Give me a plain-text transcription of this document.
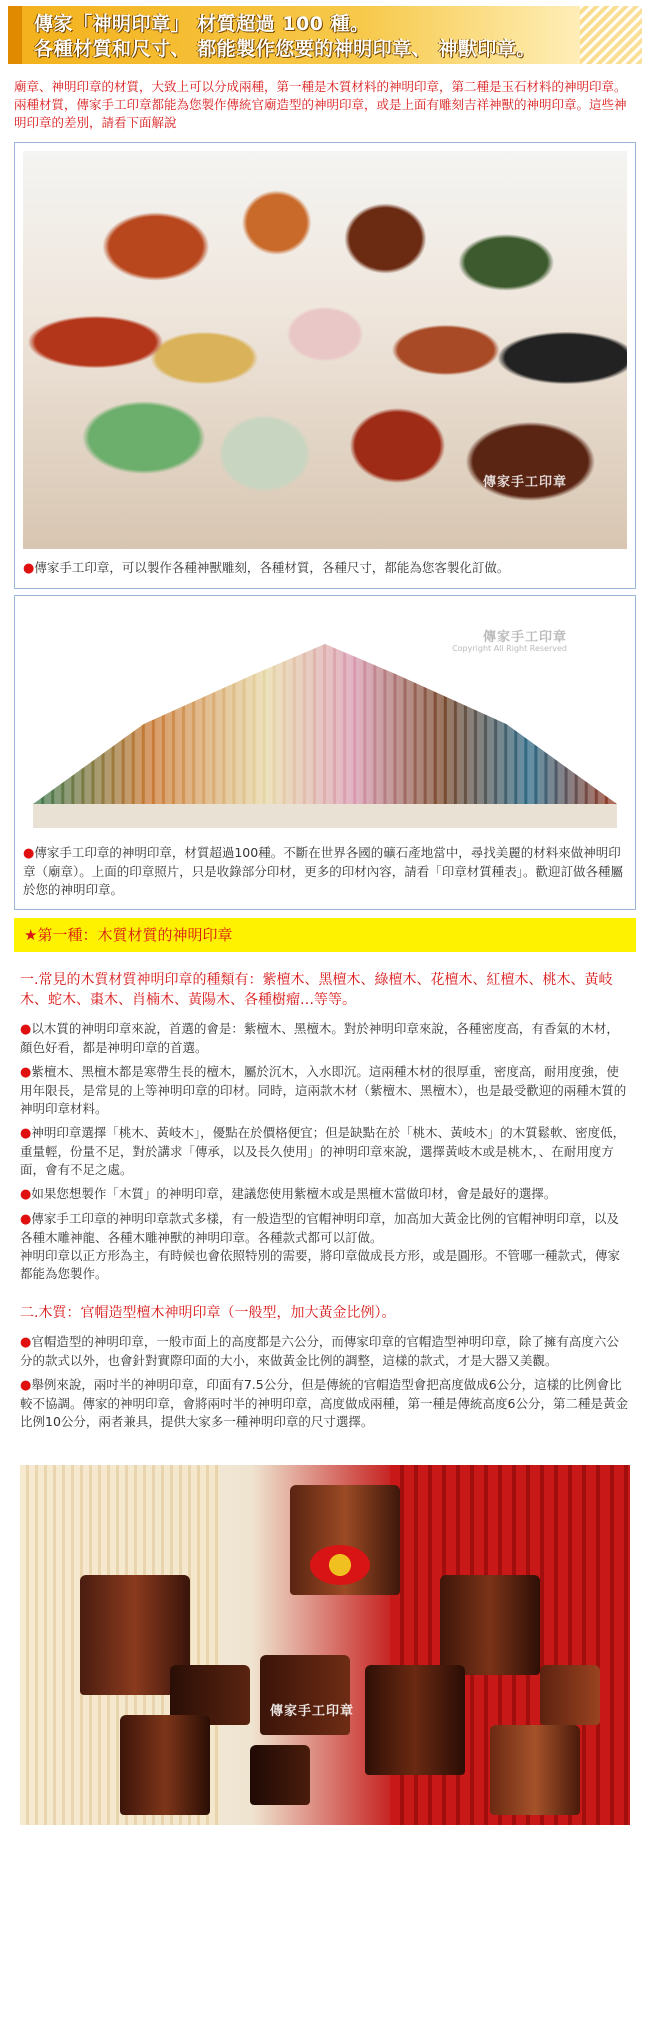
傳家「神明印章」 材質超過 100 種。
各種材質和尺寸、 都能製作您要的神明印章、 神獸印章。
廟章、神明印章的材質，大致上可以分成兩種，第一種是木質材料的神明印章，第二種是玉石材料的神明印章。兩種材質，傳家手工印章都能為您製作傳統官廟造型的神明印章，或是上面有雕刻吉祥神獸的神明印章。這些神明印章的差別，請看下面解說
傳家手工印章
●傳家手工印章，可以製作各種神獸雕刻，各種材質，各種尺寸，都能為您客製化訂做。
傳家手工印章
Copyright All Right Reserved
●傳家手工印章的神明印章，材質超過100種。不斷在世界各國的礦石產地當中，尋找美麗的材料來做神明印章（廟章）。上面的印章照片，只是收錄部分印材，更多的印材內容，請看「印章材質種表」。歡迎訂做各種屬於您的神明印章。
★第一種：木質材質的神明印章
一.常見的木質材質神明印章的種類有：紫檀木、黑檀木、綠檀木、花檀木、紅檀木、桃木、黃岐木、蛇木、棗木、肖楠木、黃陽木、各種樹瘤…等等。
●以木質的神明印章來說，首選的會是：紫檀木、黑檀木。對於神明印章來說，各種密度高，有香氣的木材，顏色好看，都是神明印章的首選。
●紫檀木、黑檀木都是寒帶生長的檀木，屬於沉木，入水即沉。這兩種木材的很厚重，密度高，耐用度強，使用年限長，是常見的上等神明印章的印材。同時，這兩款木材（紫檀木、黑檀木），也是最受歡迎的兩種木質的神明印章材料。
●神明印章選擇「桃木、黃岐木」，優點在於價格便宜；但是缺點在於「桃木、黃岐木」的木質鬆軟、密度低，重量輕，份量不足，對於講求「傳承，以及長久使用」的神明印章來說，選擇黃岐木或是桃木，、在耐用度方面，會有不足之處。
●如果您想製作「木質」的神明印章，建議您使用紫檀木或是黑檀木當做印材，會是最好的選擇。
●傳家手工印章的神明印章款式多樣，有一般造型的官帽神明印章，加高加大黃金比例的官帽神明印章，以及各種木雕神龍、各種木雕神獸的神明印章。各種款式都可以訂做。
神明印章以正方形為主，有時候也會依照特別的需要，將印章做成長方形，或是圓形。不管哪一種款式，傳家都能為您製作。
二.木質：官帽造型檀木神明印章（一般型，加大黃金比例）。
●官帽造型的神明印章，一般市面上的高度都是六公分，而傳家印章的官帽造型神明印章，除了擁有高度六公分的款式以外，也會針對實際印面的大小，來做黃金比例的調整，這樣的款式，才是大器又美觀。
●舉例來說，兩吋半的神明印章，印面有7.5公分，但是傳統的官帽造型會把高度做成6公分，這樣的比例會比較不協調。傳家的神明印章，會將兩吋半的神明印章，高度做成兩種，第一種是傳統高度6公分，第二種是黃金比例10公分，兩者兼具，提供大家多一種神明印章的尺寸選擇。
傳家手工印章
